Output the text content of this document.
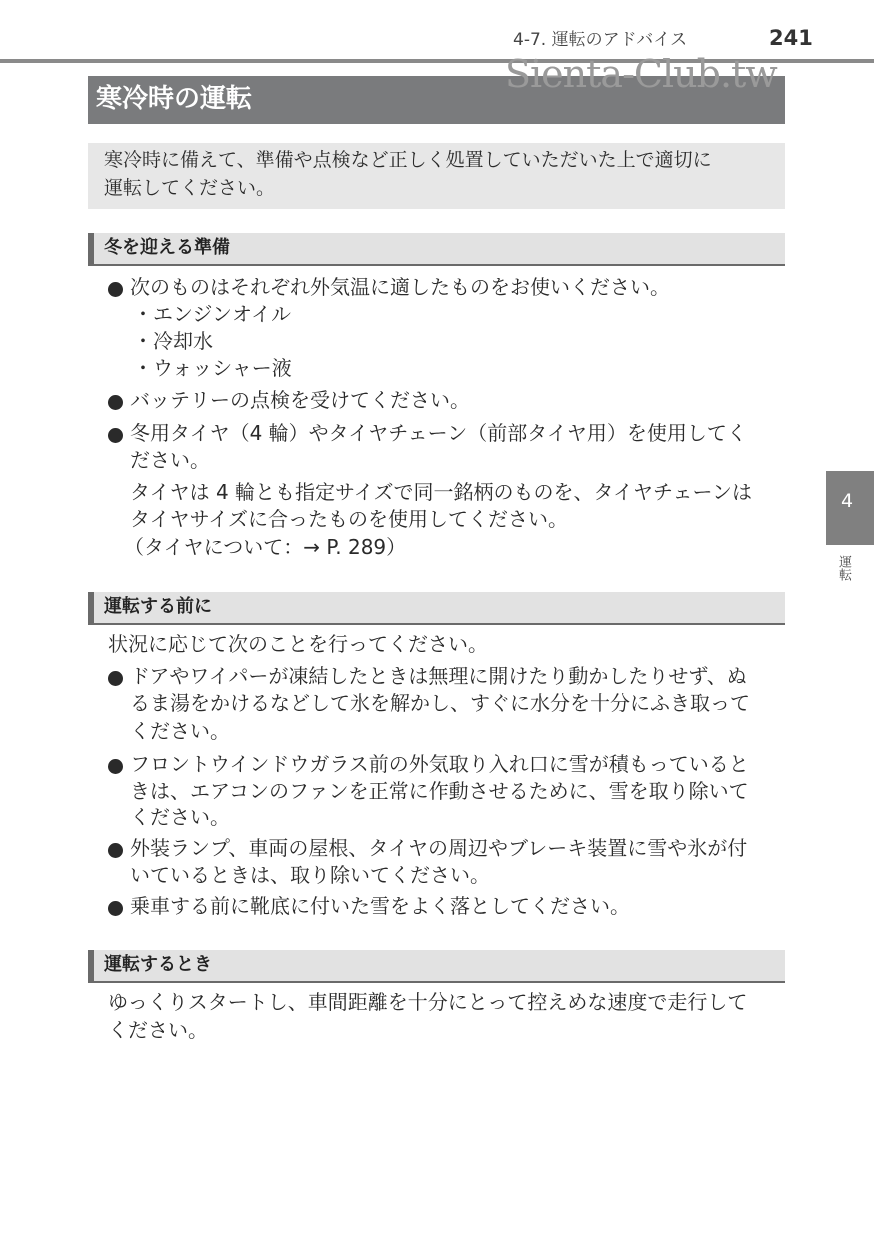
4-7. 運転のアドバイス	241
寒冷時の運転
Sienta-Club.tw
寒冷時に備えて、準備や点検など正しく処置していただいた上で適切に
運転してください。
冬を迎える準備
次のものはそれぞれ外気温に適したものをお使いください。
・エンジンオイル
・冷却水
・ウォッシャー液
バッテリーの点検を受けてください。
冬用タイヤ（4 輪）やタイヤチェーン（前部タイヤ用）を使用してく
ださい。
タイヤは 4 輪とも指定サイズで同一銘柄のものを、タイヤチェーンは
タイヤサイズに合ったものを使用してください。
（タイヤについて：→ P. 289）
運転する前に
状況に応じて次のことを行ってください。
ドアやワイパーが凍結したときは無理に開けたり動かしたりせず、ぬ
るま湯をかけるなどして氷を解かし、すぐに水分を十分にふき取って
ください。
フロントウインドウガラス前の外気取り入れ口に雪が積もっていると
きは、エアコンのファンを正常に作動させるために、雪を取り除いて
ください。
外装ランプ、車両の屋根、タイヤの周辺やブレーキ装置に雪や氷が付
いているときは、取り除いてください。
乗車する前に靴底に付いた雪をよく落としてください。
運転するとき
ゆっくりスタートし、車間距離を十分にとって控えめな速度で走行して
ください。
4
運転
